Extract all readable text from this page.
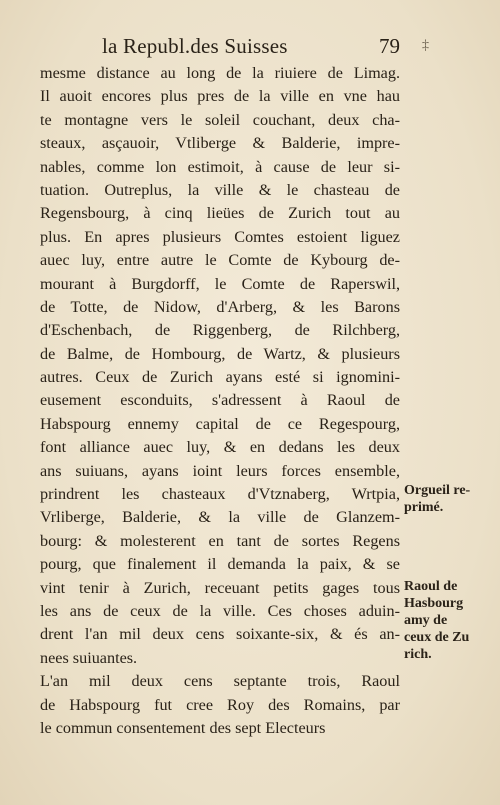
la Republ.des Suisses	79 ‡
mesme distance au long de la riuiere de Limag.
Il auoit encores plus pres de la ville en vne hau
te montagne vers le soleil couchant, deux cha-
steaux, asçauoir, Vtliberge & Balderie, impre-
nables, comme lon estimoit, à cause de leur si-
tuation. Outreplus, la ville & le chasteau de
Regensbourg, à cinq lieües de Zurich tout au
plus. En apres plusieurs Comtes estoient liguez
auec luy, entre autre le Comte de Kybourg de-
mourant à Burgdorff, le Comte de Raperswil,
de Totte, de Nidow, d'Arberg, & les Barons
d'Eschenbach, de Riggenberg, de Rilchberg,
de Balme, de Hombourg, de Wartz, & plusieurs
autres. Ceux de Zurich ayans esté si ignomini-
eusement esconduits, s'adressent à Raoul de
Habspourg ennemy capital de ce Regespourg,
font alliance auec luy, & en dedans les deux
ans suiuans, ayans ioint leurs forces ensemble,
prindrent les chasteaux d'Vtznaberg, Wrtpia,
Vrliberge, Balderie, & la ville de Glanzem-
bourg: & molesterent en tant de sortes Regens
pourg, que finalement il demanda la paix, & se
vint tenir à Zurich, receuant petits gages tous
les ans de ceux de la ville. Ces choses aduin-
drent l'an mil deux cens soixante-six, & és an-
nees suiuantes.
L'an mil deux cens septante trois, Raoul
de Habspourg fut cree Roy des Romains, par
le commun consentement des sept Electeurs
Orgueil re-
primé.
Raoul de
Hasbourg
amy de
ceux de Zu
rich.
